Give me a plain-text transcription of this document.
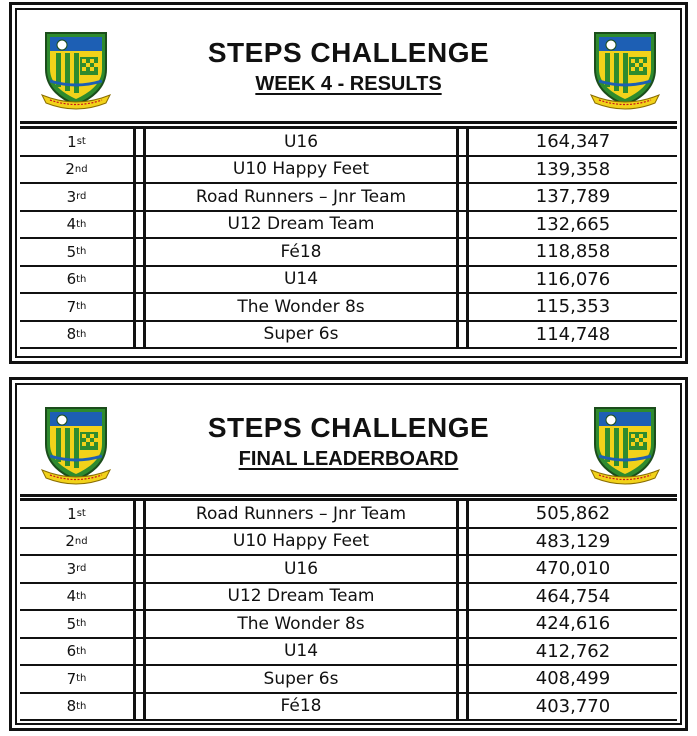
STEPS CHALLENGE
WEEK 4 - RESULTS
1 st	U16	164,347
2 nd	U10 Happy Feet	139,358
3 rd	Road Runners – Jnr Team	137,789
4 th	U12 Dream Team	132,665
5 th	Fé18	118,858
6 th	U14	116,076
7 th	The Wonder 8s	115,353
8 th	Super 6s	114,748
STEPS CHALLENGE
FINAL LEADERBOARD
1 st	Road Runners – Jnr Team	505,862
2 nd	U10 Happy Feet	483,129
3 rd	U16	470,010
4 th	U12 Dream Team	464,754
5 th	The Wonder 8s	424,616
6 th	U14	412,762
7 th	Super 6s	408,499
8 th	Fé18	403,770
